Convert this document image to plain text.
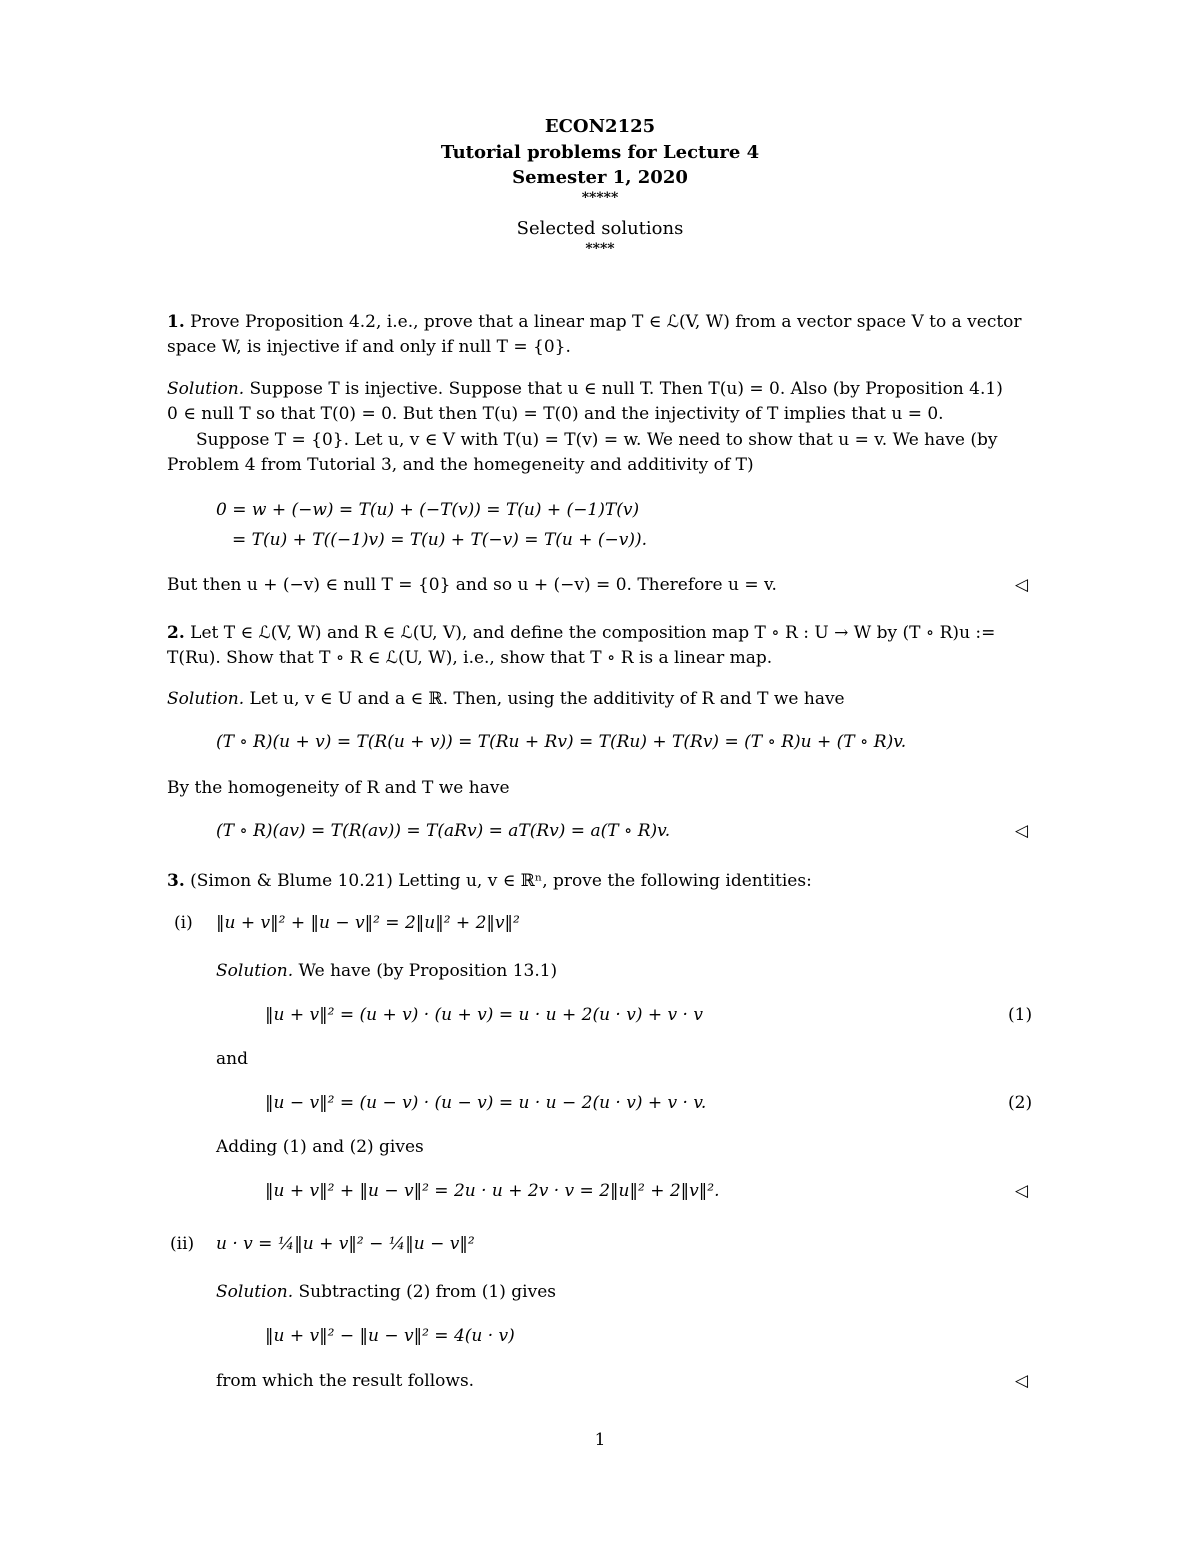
ECON2125
Tutorial problems for Lecture 4
Semester 1, 2020
*****
Selected solutions
****
1. Prove Proposition 4.2, i.e., prove that a linear map T ∈ ℒ(V, W) from a vector space V to a vector
space W, is injective if and only if null T = {0}.
Solution. Suppose T is injective. Suppose that u ∈ null T. Then T(u) = 0. Also (by Proposition 4.1)
0 ∈ null T so that T(0) = 0. But then T(u) = T(0) and the injectivity of T implies that u = 0.
Suppose T = {0}. Let u, v ∈ V with T(u) = T(v) = w. We need to show that u = v. We have (by
Problem 4 from Tutorial 3, and the homegeneity and additivity of T)
0 = w + (−w) = T(u) + (−T(v)) = T(u) + (−1)T(v)
= T(u) + T((−1)v) = T(u) + T(−v) = T(u + (−v)).
But then u + (−v) ∈ null T = {0} and so u + (−v) = 0. Therefore u = v.	◁
2. Let T ∈ ℒ(V, W) and R ∈ ℒ(U, V), and define the composition map T ∘ R : U → W by (T ∘ R)u :=
T(Ru). Show that T ∘ R ∈ ℒ(U, W), i.e., show that T ∘ R is a linear map.
Solution. Let u, v ∈ U and a ∈ ℝ. Then, using the additivity of R and T we have
(T ∘ R)(u + v) = T(R(u + v)) = T(Ru + Rv) = T(Ru) + T(Rv) = (T ∘ R)u + (T ∘ R)v.
By the homogeneity of R and T we have
(T ∘ R)(av) = T(R(av)) = T(aRv) = aT(Rv) = a(T ∘ R)v.	◁
3. (Simon & Blume 10.21) Letting u, v ∈ ℝⁿ, prove the following identities:
(i) ‖u + v‖² + ‖u − v‖² = 2‖u‖² + 2‖v‖²
Solution. We have (by Proposition 13.1)
‖u + v‖² = (u + v) · (u + v) = u · u + 2(u · v) + v · v	(1)
and
‖u − v‖² = (u − v) · (u − v) = u · u − 2(u · v) + v · v.	(2)
Adding (1) and (2) gives
‖u + v‖² + ‖u − v‖² = 2u · u + 2v · v = 2‖u‖² + 2‖v‖².	◁
(ii) u · v = ¼‖u + v‖² − ¼‖u − v‖²
Solution. Subtracting (2) from (1) gives
‖u + v‖² − ‖u − v‖² = 4(u · v)
from which the result follows.	◁
1
